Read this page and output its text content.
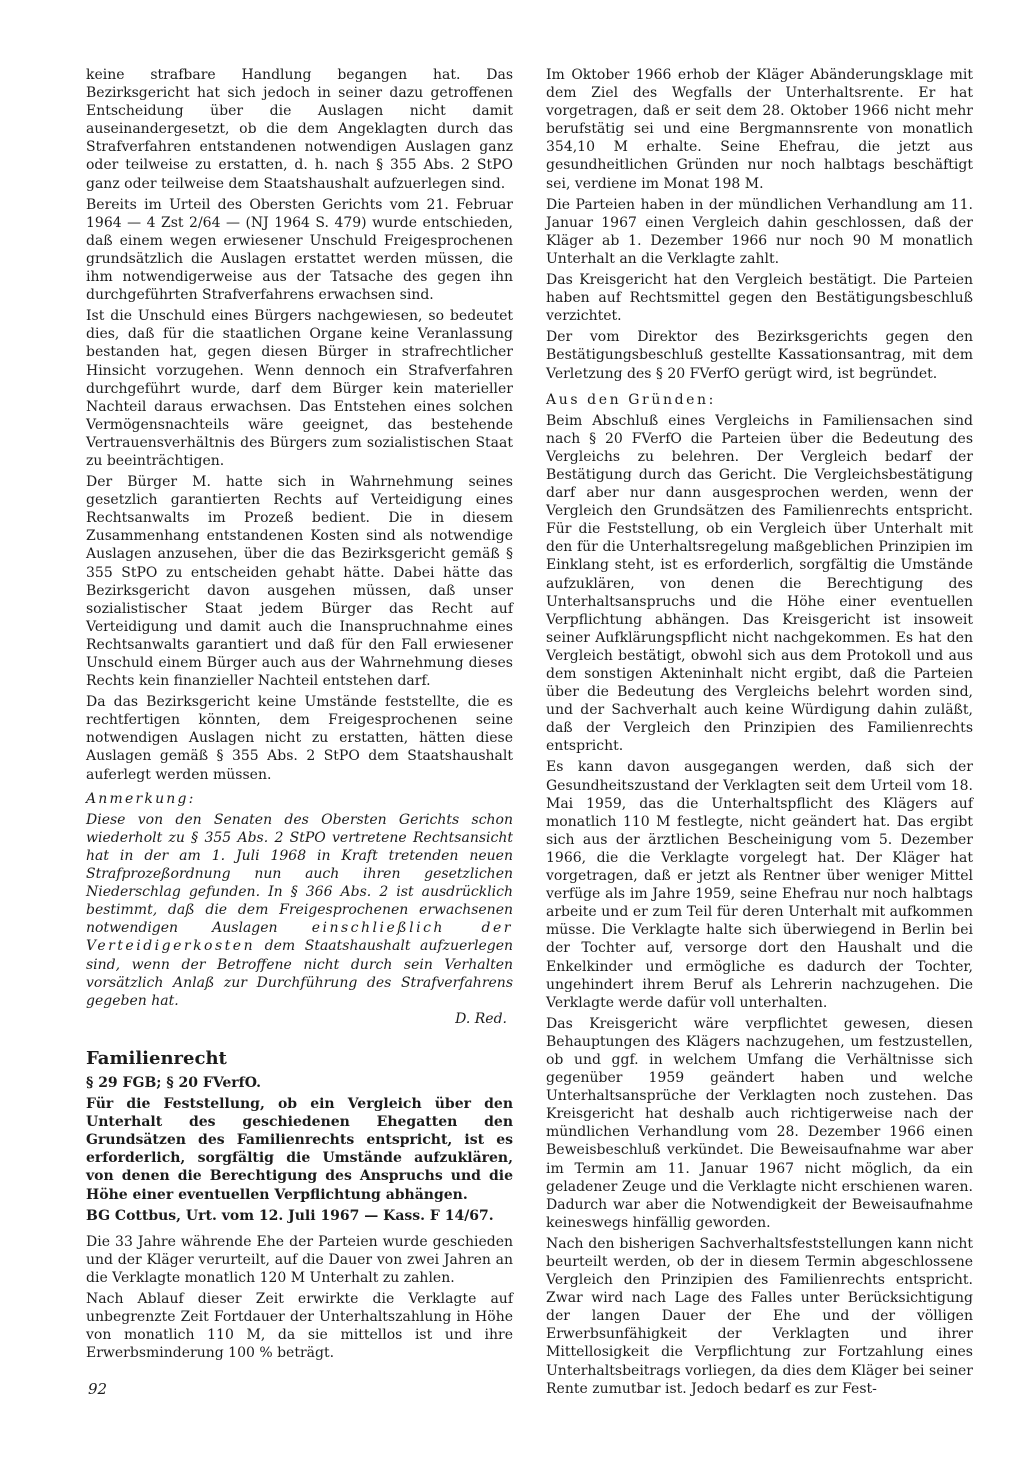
keine strafbare Handlung begangen hat. Das Bezirksgericht hat sich jedoch in seiner dazu getroffenen Entscheidung über die Auslagen nicht damit auseinandergesetzt, ob die dem Angeklagten durch das Strafverfahren entstandenen notwendigen Auslagen ganz oder teilweise zu erstatten, d. h. nach § 355 Abs. 2 StPO ganz oder teilweise dem Staatshaushalt aufzuerlegen sind.

Bereits im Urteil des Obersten Gerichts vom 21. Februar 1964 — 4 Zst 2/64 — (NJ 1964 S. 479) wurde entschieden, daß einem wegen erwiesener Unschuld Freigesprochenen grundsätzlich die Auslagen erstattet werden müssen, die ihm notwendigerweise aus der Tatsache des gegen ihn durchgeführten Strafverfahrens erwachsen sind.

Ist die Unschuld eines Bürgers nachgewiesen, so bedeutet dies, daß für die staatlichen Organe keine Veranlassung bestanden hat, gegen diesen Bürger in strafrechtlicher Hinsicht vorzugehen. Wenn dennoch ein Strafverfahren durchgeführt wurde, darf dem Bürger kein materieller Nachteil daraus erwachsen. Das Entstehen eines solchen Vermögensnachteils wäre geeignet, das bestehende Vertrauensverhältnis des Bürgers zum sozialistischen Staat zu beeinträchtigen.

Der Bürger M. hatte sich in Wahrnehmung seines gesetzlich garantierten Rechts auf Verteidigung eines Rechtsanwalts im Prozeß bedient. Die in diesem Zusammenhang entstandenen Kosten sind als notwendige Auslagen anzusehen, über die das Bezirksgericht gemäß § 355 StPO zu entscheiden gehabt hätte. Dabei hätte das Bezirksgericht davon ausgehen müssen, daß unser sozialistischer Staat jedem Bürger das Recht auf Verteidigung und damit auch die Inanspruchnahme eines Rechtsanwalts garantiert und daß für den Fall erwiesener Unschuld einem Bürger auch aus der Wahrnehmung dieses Rechts kein finanzieller Nachteil entstehen darf.

Da das Bezirksgericht keine Umstände feststellte, die es rechtfertigen könnten, dem Freigesprochenen seine notwendigen Auslagen nicht zu erstatten, hätten diese Auslagen gemäß § 355 Abs. 2 StPO dem Staatshaushalt auferlegt werden müssen.

Anmerkung:

Diese von den Senaten des Obersten Gerichts schon wiederholt zu § 355 Abs. 2 StPO vertretene Rechtsansicht hat in der am 1. Juli 1968 in Kraft tretenden neuen Strafprozeßordnung nun auch ihren gesetzlichen Niederschlag gefunden. In § 366 Abs. 2 ist ausdrücklich bestimmt, daß die dem Freigesprochenen erwachsenen notwendigen Auslagen einschließlich der Verteidigerkosten dem Staatshaushalt aufzuerlegen sind, wenn der Betroffene nicht durch sein Verhalten vorsätzlich Anlaß zur Durchführung des Strafverfahrens gegeben hat.

D. Red.

Familienrecht

§ 29 FGB; § 20 FVerfO.

Für die Feststellung, ob ein Vergleich über den Unterhalt des geschiedenen Ehegatten den Grundsätzen des Familienrechts entspricht, ist es erforderlich, sorgfältig die Umstände aufzuklären, von denen die Berechtigung des Anspruchs und die Höhe einer eventuellen Verpflichtung abhängen.

BG Cottbus, Urt. vom 12. Juli 1967 — Kass. F 14/67.

Die 33 Jahre währende Ehe der Parteien wurde geschieden und der Kläger verurteilt, auf die Dauer von zwei Jahren an die Verklagte monatlich 120 M Unterhalt zu zahlen.

Nach Ablauf dieser Zeit erwirkte die Verklagte auf unbegrenzte Zeit Fortdauer der Unterhaltszahlung in Höhe von monatlich 110 M, da sie mittellos ist und ihre Erwerbsminderung 100 % beträgt.

Im Oktober 1966 erhob der Kläger Abänderungsklage mit dem Ziel des Wegfalls der Unterhaltsrente. Er hat vorgetragen, daß er seit dem 28. Oktober 1966 nicht mehr berufstätig sei und eine Bergmannsrente von monatlich 354,10 M erhalte. Seine Ehefrau, die jetzt aus gesundheitlichen Gründen nur noch halbtags beschäftigt sei, verdiene im Monat 198 M.

Die Parteien haben in der mündlichen Verhandlung am 11. Januar 1967 einen Vergleich dahin geschlossen, daß der Kläger ab 1. Dezember 1966 nur noch 90 M monatlich Unterhalt an die Verklagte zahlt.

Das Kreisgericht hat den Vergleich bestätigt. Die Parteien haben auf Rechtsmittel gegen den Bestätigungsbeschluß verzichtet.

Der vom Direktor des Bezirksgerichts gegen den Bestätigungsbeschluß gestellte Kassationsantrag, mit dem Verletzung des § 20 FVerfO gerügt wird, ist begründet.

Aus den Gründen:

Beim Abschluß eines Vergleichs in Familiensachen sind nach § 20 FVerfO die Parteien über die Bedeutung des Vergleichs zu belehren. Der Vergleich bedarf der Bestätigung durch das Gericht. Die Vergleichsbestätigung darf aber nur dann ausgesprochen werden, wenn der Vergleich den Grundsätzen des Familienrechts entspricht. Für die Feststellung, ob ein Vergleich über Unterhalt mit den für die Unterhaltsregelung maßgeblichen Prinzipien im Einklang steht, ist es erforderlich, sorgfältig die Umstände aufzuklären, von denen die Berechtigung des Unterhaltsanspruchs und die Höhe einer eventuellen Verpflichtung abhängen. Das Kreisgericht ist insoweit seiner Aufklärungspflicht nicht nachgekommen. Es hat den Vergleich bestätigt, obwohl sich aus dem Protokoll und aus dem sonstigen Akteninhalt nicht ergibt, daß die Parteien über die Bedeutung des Vergleichs belehrt worden sind, und der Sachverhalt auch keine Würdigung dahin zuläßt, daß der Vergleich den Prinzipien des Familienrechts entspricht.

Es kann davon ausgegangen werden, daß sich der Gesundheitszustand der Verklagten seit dem Urteil vom 18. Mai 1959, das die Unterhaltspflicht des Klägers auf monatlich 110 M festlegte, nicht geändert hat. Das ergibt sich aus der ärztlichen Bescheinigung vom 5. Dezember 1966, die die Verklagte vorgelegt hat. Der Kläger hat vorgetragen, daß er jetzt als Rentner über weniger Mittel verfüge als im Jahre 1959, seine Ehefrau nur noch halbtags arbeite und er zum Teil für deren Unterhalt mit aufkommen müsse. Die Verklagte halte sich überwiegend in Berlin bei der Tochter auf, versorge dort den Haushalt und die Enkelkinder und ermögliche es dadurch der Tochter, ungehindert ihrem Beruf als Lehrerin nachzugehen. Die Verklagte werde dafür voll unterhalten.

Das Kreisgericht wäre verpflichtet gewesen, diesen Behauptungen des Klägers nachzugehen, um festzustellen, ob und ggf. in welchem Umfang die Verhältnisse sich gegenüber 1959 geändert haben und welche Unterhaltsansprüche der Verklagten noch zustehen. Das Kreisgericht hat deshalb auch richtigerweise nach der mündlichen Verhandlung vom 28. Dezember 1966 einen Beweisbeschluß verkündet. Die Beweisaufnahme war aber im Termin am 11. Januar 1967 nicht möglich, da ein geladener Zeuge und die Verklagte nicht erschienen waren. Dadurch war aber die Notwendigkeit der Beweisaufnahme keineswegs hinfällig geworden.

Nach den bisherigen Sachverhaltsfeststellungen kann nicht beurteilt werden, ob der in diesem Termin abgeschlossene Vergleich den Prinzipien des Familienrechts entspricht. Zwar wird nach Lage des Falles unter Berücksichtigung der langen Dauer der Ehe und der völligen Erwerbsunfähigkeit der Verklagten und ihrer Mittellosigkeit die Verpflichtung zur Fortzahlung eines Unterhaltsbeitrags vorliegen, da dies dem Kläger bei seiner Rente zumutbar ist. Jedoch bedarf es zur Fest-

92
